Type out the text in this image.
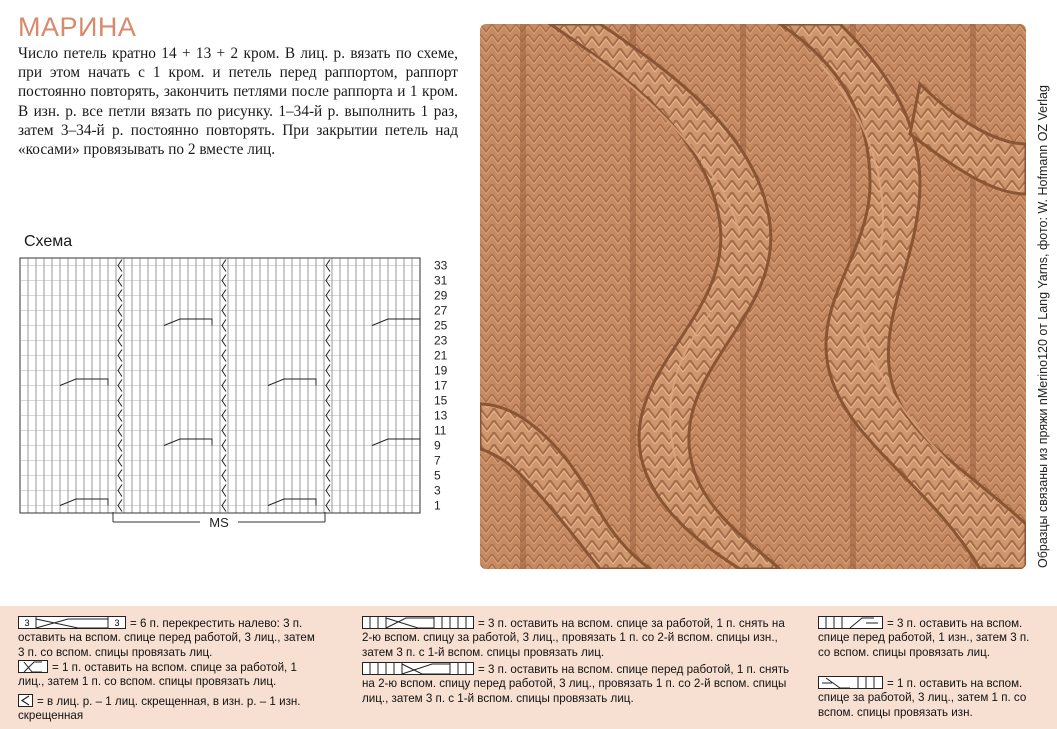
МАРИНА

Число петель кратно 14 + 13 + 2 кром. В лиц. р. вязать по схеме, при этом начать с 1 кром. и петель перед раппортом, раппорт постоянно повторять, закончить петлями после раппорта и 1 кром. В изн. р. все петли вязать по рисунку. 1–34-й р. выполнить 1 раз, затем 3–34-й р. постоянно повторять. При закрытии петель над «косами» провязывать по 2 вместе лиц.

Схема
33
31
29
27
25
23
21
19
17
15
13
11
9
7
5
3
1
MS	Образцы связаны из пряжи nMerino120 от Lang Yarns, фото: W. Hofmann OZ Verlag
3	3 = 6 п. перекрестить налево: 3 п. оставить на вспом. спице перед работой, 3 лиц., затем 3 п. со вспом. спицы провязать лиц.
= 1 п. оставить на вспом. спице за работой, 1 лиц., затем 1 п. со вспом. спицы провязать лиц.
= в лиц. р. – 1 лиц. скрещенная, в изн. р. – 1 изн. скрещенная
= 3 п. оставить на вспом. спице за работой, 1 п. снять на 2-ю вспом. спицу за работой, 3 лиц., провязать 1 п. со 2-й вспом. спицы изн., затем 3 п. с 1-й вспом. спицы провязать лиц.
= 3 п. оставить на вспом. спице перед работой, 1 п. снять на 2-ю вспом. спицу перед работой, 3 лиц., провязать 1 п. со 2-й вспом. спицы лиц., затем 3 п. с 1-й вспом. спицы провязать лиц.
= 3 п. оставить на вспом. спице перед работой, 1 изн., затем 3 п. со вспом. спицы провязать лиц.
= 1 п. оставить на вспом. спице за работой, 3 лиц., затем 1 п. со вспом. спицы провязать изн.
